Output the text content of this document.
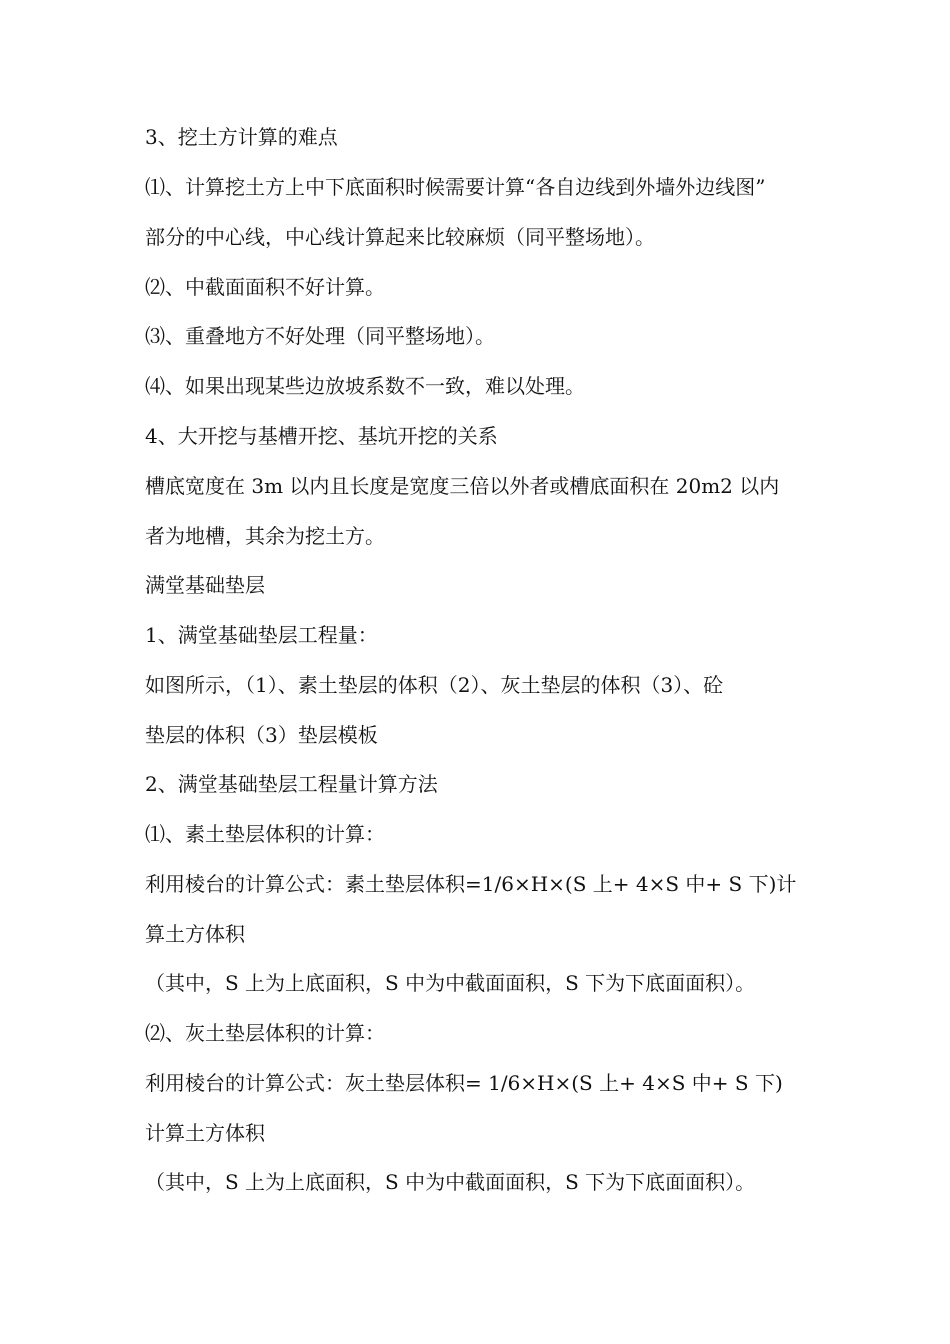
3、挖土方计算的难点
⑴、计算挖土方上中下底面积时候需要计算“各自边线到外墙外边线图”
部分的中心线，中心线计算起来比较麻烦（同平整场地）。
⑵、中截面面积不好计算。
⑶、重叠地方不好处理（同平整场地）。
⑷、如果出现某些边放坡系数不一致，难以处理。
4、大开挖与基槽开挖、基坑开挖的关系
槽底宽度在 3m 以内且长度是宽度三倍以外者或槽底面积在 20m2 以内
者为地槽，其余为挖土方。
满堂基础垫层
1、满堂基础垫层工程量：
如图所示，（1）、素土垫层的体积（2）、灰土垫层的体积（3）、砼
垫层的体积（3）垫层模板
2、满堂基础垫层工程量计算方法
⑴、素土垫层体积的计算：
利用棱台的计算公式：素土垫层体积=1/6×H×(S 上+ 4×S 中+ S 下)计
算土方体积
（其中，S 上为上底面积，S 中为中截面面积，S 下为下底面面积）。
⑵、灰土垫层体积的计算：
利用棱台的计算公式：灰土垫层体积= 1/6×H×(S 上+ 4×S 中+ S 下)
计算土方体积
（其中，S 上为上底面积，S 中为中截面面积，S 下为下底面面积）。
